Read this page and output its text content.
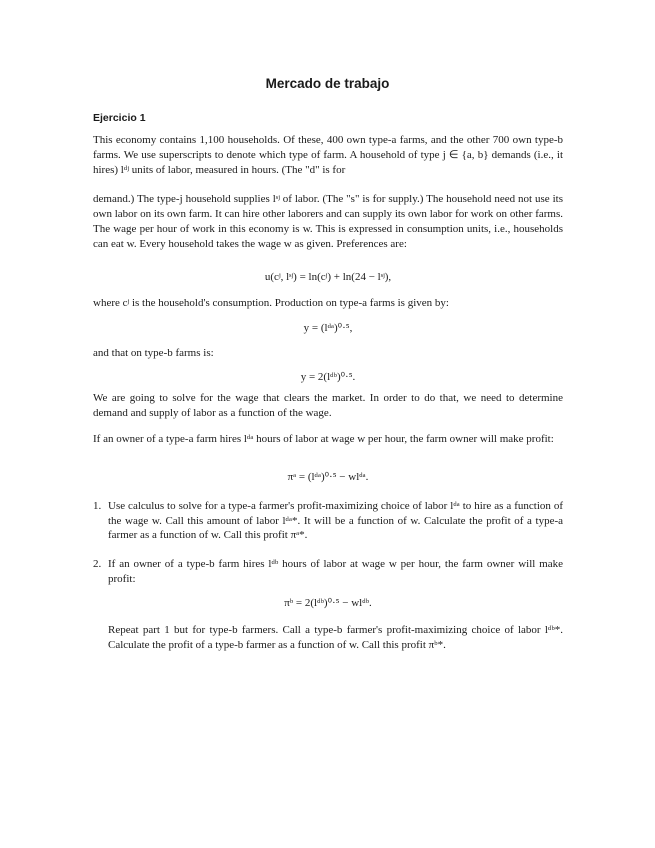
Mercado de trabajo
Ejercicio 1

This economy contains 1,100 households. Of these, 400 own type-a farms, and the other 700 own type-b farms. We use superscripts to denote which type of farm. A household of type j ∈ {a, b} demands (i.e., it hires) lᵈʲ units of labor, measured in hours. (The "d" is for

demand.) The type-j household supplies lˢʲ of labor. (The "s" is for supply.) The household need not use its own labor on its own farm. It can hire other laborers and can supply its own labor for work on other farms. The wage per hour of work in this economy is w. This is expressed in consumption units, i.e., households can eat w. Every household takes the wage w as given. Preferences are:

u(cʲ, lˢʲ) = ln(cʲ) + ln(24 − lˢʲ),

where cʲ is the household's consumption. Production on type-a farms is given by:

y = (lᵈᵃ)⁰·⁵,

and that on type-b farms is:

y = 2(lᵈᵇ)⁰·⁵.

We are going to solve for the wage that clears the market. In order to do that, we need to determine demand and supply of labor as a function of the wage.

If an owner of a type-a farm hires lᵈᵃ hours of labor at wage w per hour, the farm owner will make profit:

πᵃ = (lᵈᵃ)⁰·⁵ − wlᵈᵃ.
1. Use calculus to solve for a type-a farmer's profit-maximizing choice of labor lᵈᵃ to hire as a function of the wage w. Call this amount of labor lᵈᵃ*. It will be a function of w. Calculate the profit of a type-a farmer as a function of w. Call this profit πᵃ*.
2. If an owner of a type-b farm hires lᵈᵇ hours of labor at wage w per hour, the farm owner will make profit:
πᵇ = 2(lᵈᵇ)⁰·⁵ − wlᵈᵇ.
Repeat part 1 but for type-b farmers. Call a type-b farmer's profit-maximizing choice of labor lᵈᵇ*. Calculate the profit of a type-b farmer as a function of w. Call this profit πᵇ*.
